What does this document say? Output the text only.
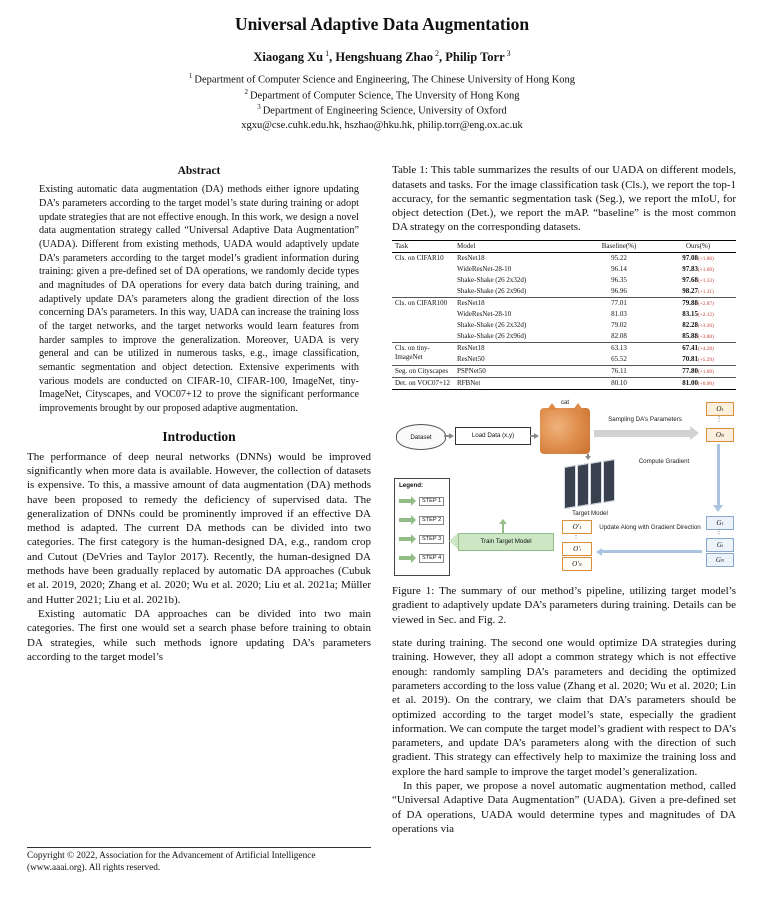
Universal Adaptive Data Augmentation
Xiaogang Xu $^1$, Hengshuang Zhao $^2$, Philip Torr $^3$
$^1$ Department of Computer Science and Engineering, The Chinese University of Hong Kong
$^2$ Department of Computer Science, The Unversity of Hong Kong
$^3$ Department of Engineering Science, University of Oxford
xgxu@cse.cuhk.edu.hk, hszhao@hku.hk, philip.torr@eng.ox.ac.uk
Abstract

Existing automatic data augmentation (DA) methods either ignore updating DA’s parameters according to the target model’s state during training or adopt update strategies that are not effective enough. In this work, we design a novel data augmentation strategy called “Universal Adaptive Data Augmentation” (UADA). Different from existing methods, UADA would adaptively update DA’s parameters according to the target model’s gradient information during training: given a pre-defined set of DA operations, we randomly decide types and magnitudes of DA operations for every data batch during training, and adaptively update DA’s parameters along the gradient direction of the loss concerning DA’s parameters. In this way, UADA can increase the training loss of the target networks, and the target networks would learn features from harder samples to improve the generalization. Moreover, UADA is very general and can be utilized in numerous tasks, e.g., image classification, semantic segmentation and object detection. Extensive experiments with various models are conducted on CIFAR-10, CIFAR-100, ImageNet, tiny-ImageNet, Cityscapes, and VOC07+12 to prove the significant performance improvements brought by our proposed adaptive augmentation.

Introduction

The performance of deep neural networks (DNNs) would be improved significantly when more data is available. However, the collection of datasets is expensive. To this, a massive amount of data augmentation (DA) methods have been proposed to remedy the deficiency of supervised data. The generalization of DNNs could be prominently improved if an effective DA method is adapted. The current DA methods can be divided into two categories. The first category is the human-designed DA, e.g., random crop and Cutout (DeVries and Taylor 2017). Recently, the human-designed DA methods have been gradually replaced by automatic DA approaches (Cubuk et al. 2019, 2020; Zhang et al. 2020; Wu et al. 2020; Liu et al. 2021a; Müller and Hutter 2021; Liu et al. 2021b).

Existing automatic DA approaches can be divided into two main categories. The first one would set a search phase before training to obtain DA strategies, while such methods ignore updating DA’s parameters according to the target model’s

Copyright © 2022, Association for the Advancement of Artificial Intelligence (www.aaai.org). All rights reserved.

Table 1: This table summarizes the results of our UADA on different models, datasets and tasks. For the image classification task (Cls.), we report the top-1 accuracy, for the semantic segmentation task (Seg.), we report the mIoU, for object detection (Det.), we report the mAP. “baseline” is the most common DA strategy on the corresponding datasets.

Task	Model	Baseline(%)	Ours(%)
Cls. on CIFAR10	ResNet18	95.22	97.08(+1.86)
	WideResNet-28-10	96.14	97.83(+1.69)
	Shake-Shake (26 2x32d)	96.35	97.68(+1.33)
	Shake-Shake (26 2x96d)	96.96	98.27(+1.31)
Cls. on CIFAR100	ResNet18	77.01	79.88(+2.87)
	WideResNet-28-10	81.03	83.15(+2.12)
	Shake-Shake (26 2x32d)	79.02	82.28(+3.26)
	Shake-Shake (26 2x96d)	82.08	85.88(+3.80)
Cls. on tiny-ImageNet	ResNet18	63.13	67.41(+4.28)
	ResNet50	65.52	70.81(+5.29)
Seg. on Cityscapes	PSPNet50	76.11	77.80(+1.69)
Det. on VOC07+12	RFBNet	80.10	81.00(+0.90)
Dataset	Load Data (x,y)
cat
Sampling DA’s Parameters
O 1
⋮
O N
Compute Gradient
Target Model
Legend:
STEP 1
STEP 2
STEP 3
STEP 4
Train Target Model
O' 1
⋮
O' i
O' N
Update Along with Gradient Direction
G 1
⋮
G i
G N

Figure 1: The summary of our method’s pipeline, utilizing target model’s gradient to adaptively update DA’s parameters during training. Details can be viewed in Sec. and Fig. 2.

state during training. The second one would optimize DA strategies during training. However, they all adopt a common strategy which is not effective enough: randomly sampling DA’s parameters and deciding the optimized parameters according to the loss value (Zhang et al. 2020; Wu et al. 2020; Lin et al. 2019). On the contrary, we claim that DA’s parameters should be optimized according to the target model’s state, especially the gradient information. We can compute the target model’s gradient with respect to DA’s parameters, and update DA’s parameters along with the direction of such gradient. This strategy can effectively help to maximize the training loss and explore the hard sample to improve the target model’s generalization.

In this paper, we propose a novel automatic augmentation method, called “Universal Adaptive Data Augmentation” (UADA). Given a pre-defined set of DA operations, UADA would determine types and magnitudes of DA operations via
